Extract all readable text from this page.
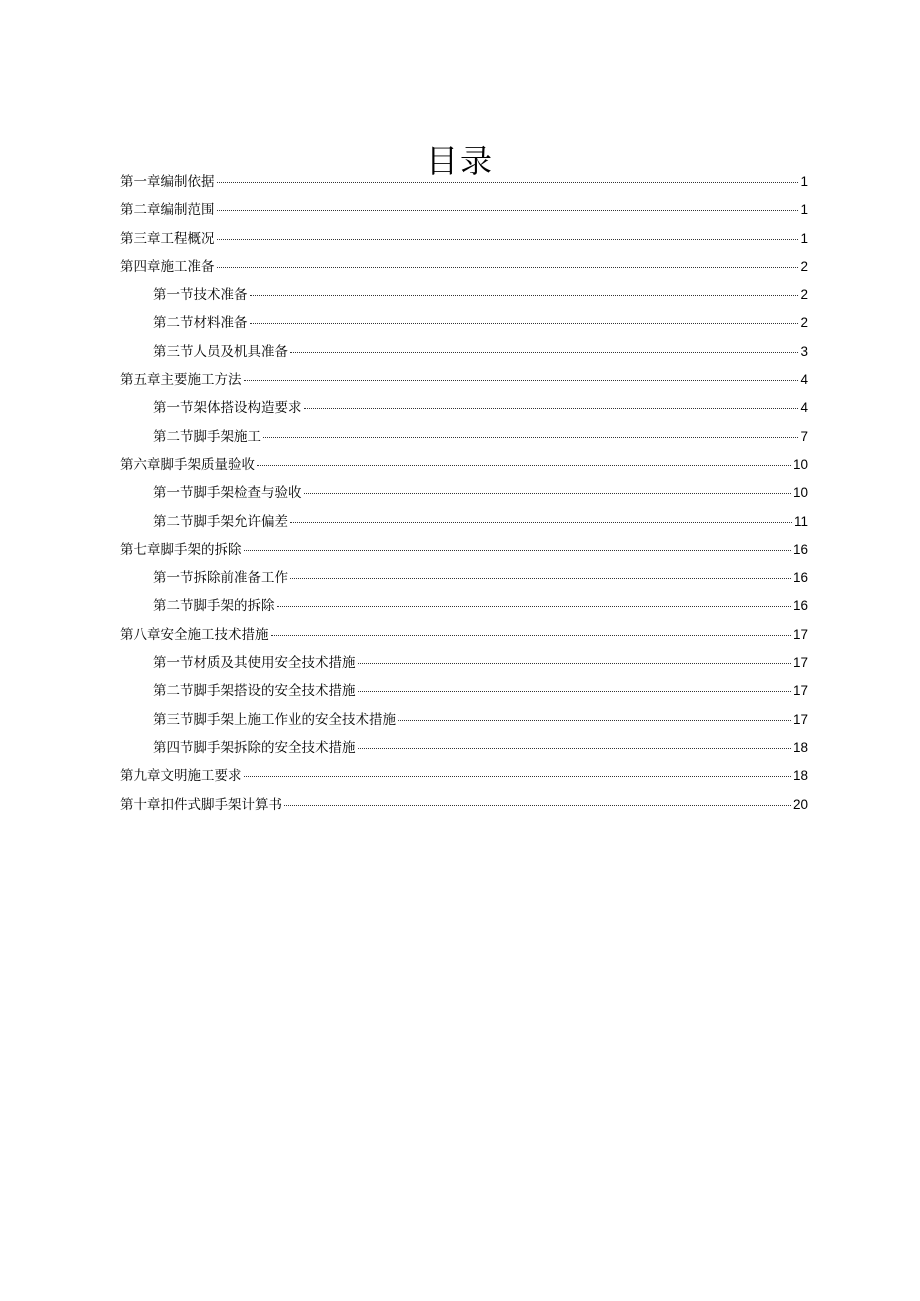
目录
第一章编制依据	1
第二章编制范围	1
第三章工程概况	1
第四章施工准备	2
第一节技术准备	2
第二节材料准备	2
第三节人员及机具准备	3
第五章主要施工方法	4
第一节架体搭设构造要求	4
第二节脚手架施工	7
第六章脚手架质量验收	10
第一节脚手架检查与验收	10
第二节脚手架允许偏差	11
第七章脚手架的拆除	16
第一节拆除前准备工作	16
第二节脚手架的拆除	16
第八章安全施工技术措施	17
第一节材质及其使用安全技术措施	17
第二节脚手架搭设的安全技术措施	17
第三节脚手架上施工作业的安全技术措施	17
第四节脚手架拆除的安全技术措施	18
第九章文明施工要求	18
第十章扣件式脚手架计算书	20
